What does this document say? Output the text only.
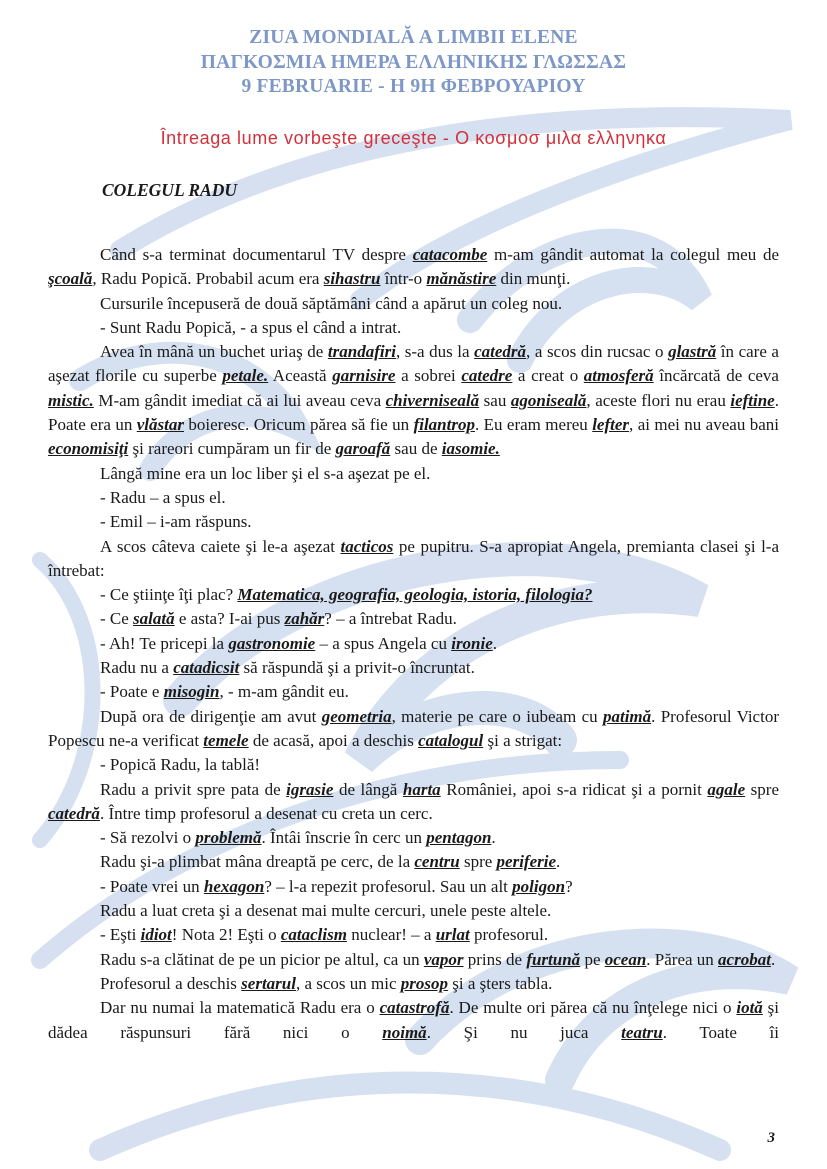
ZIUA MONDIALĂ A LIMBII ELENE
ΠΑΓΚΟΣΜΙΑ ΗΜΕΡΑ ΕΛΛΗΝΙΚΗΣ ΓΛΩΣΣΑΣ
9 FEBRUARIE - Η 9Η ΦΕΒΡΟΥΑΡΙΟΥ
Întreaga lume vorbeşte greceşte - Ο κοσμοσ μιλα ελληνηκα
COLEGUL RADU

Când s-a terminat documentarul TV despre catacombe m-am gândit automat la colegul meu de şcoală, Radu Popică. Probabil acum era sihastru într-o mănăstire din munţi.

Cursurile începuseră de două săptămâni când a apărut un coleg nou.

- Sunt Radu Popică, - a spus el când a intrat.

Avea în mână un buchet uriaş de trandafiri, s-a dus la catedră, a scos din rucsac o glastră în care a aşezat florile cu superbe petale. Această garnisire a sobrei catedre a creat o atmosferă încărcată de ceva mistic. M-am gândit imediat că ai lui aveau ceva chiverniseală sau agoniseală, aceste flori nu erau ieftine. Poate era un vlăstar boieresc. Oricum părea să fie un filantrop. Eu eram mereu lefter, ai mei nu aveau bani economisiţi şi rareori cumpăram un fir de garoafă sau de iasomie.

Lângă mine era un loc liber şi el s-a aşezat pe el.

- Radu – a spus el.

- Emil – i-am răspuns.

A scos câteva caiete şi le-a aşezat tacticos pe pupitru. S-a apropiat Angela, premianta clasei şi l-a întrebat:

- Ce ştiinţe îţi plac? Matematica, geografia, geologia, istoria, filologia?

- Ce salată e asta? I-ai pus zahăr? – a întrebat Radu.

- Ah! Te pricepi la gastronomie – a spus Angela cu ironie.

Radu nu a catadicsit să răspundă şi a privit-o încruntat.

- Poate e misogin, - m-am gândit eu.

După ora de dirigenţie am avut geometria, materie pe care o iubeam cu patimă. Profesorul Victor Popescu ne-a verificat temele de acasă, apoi a deschis catalogul şi a strigat:

- Popică Radu, la tablă!

Radu a privit spre pata de igrasie de lângă harta României, apoi s-a ridicat şi a pornit agale spre catedră. Între timp profesorul a desenat cu creta un cerc.

- Să rezolvi o problemă. Întâi înscrie în cerc un pentagon.

Radu şi-a plimbat mâna dreaptă pe cerc, de la centru spre periferie.

- Poate vrei un hexagon? – l-a repezit profesorul. Sau un alt poligon?

Radu a luat creta şi a desenat mai multe cercuri, unele peste altele.

- Eşti idiot! Nota 2! Eşti o cataclism nuclear! – a urlat profesorul.

Radu s-a clătinat de pe un picior pe altul, ca un vapor prins de furtună pe ocean. Părea un acrobat.

Profesorul a deschis sertarul, a scos un mic prosop şi a şters tabla.

Dar nu numai la matematică Radu era o catastrofă. De multe ori părea că nu înţelege nici o iotă şi dădea răspunsuri fără nici o noimă. Şi nu juca teatru. Toate îi

3
